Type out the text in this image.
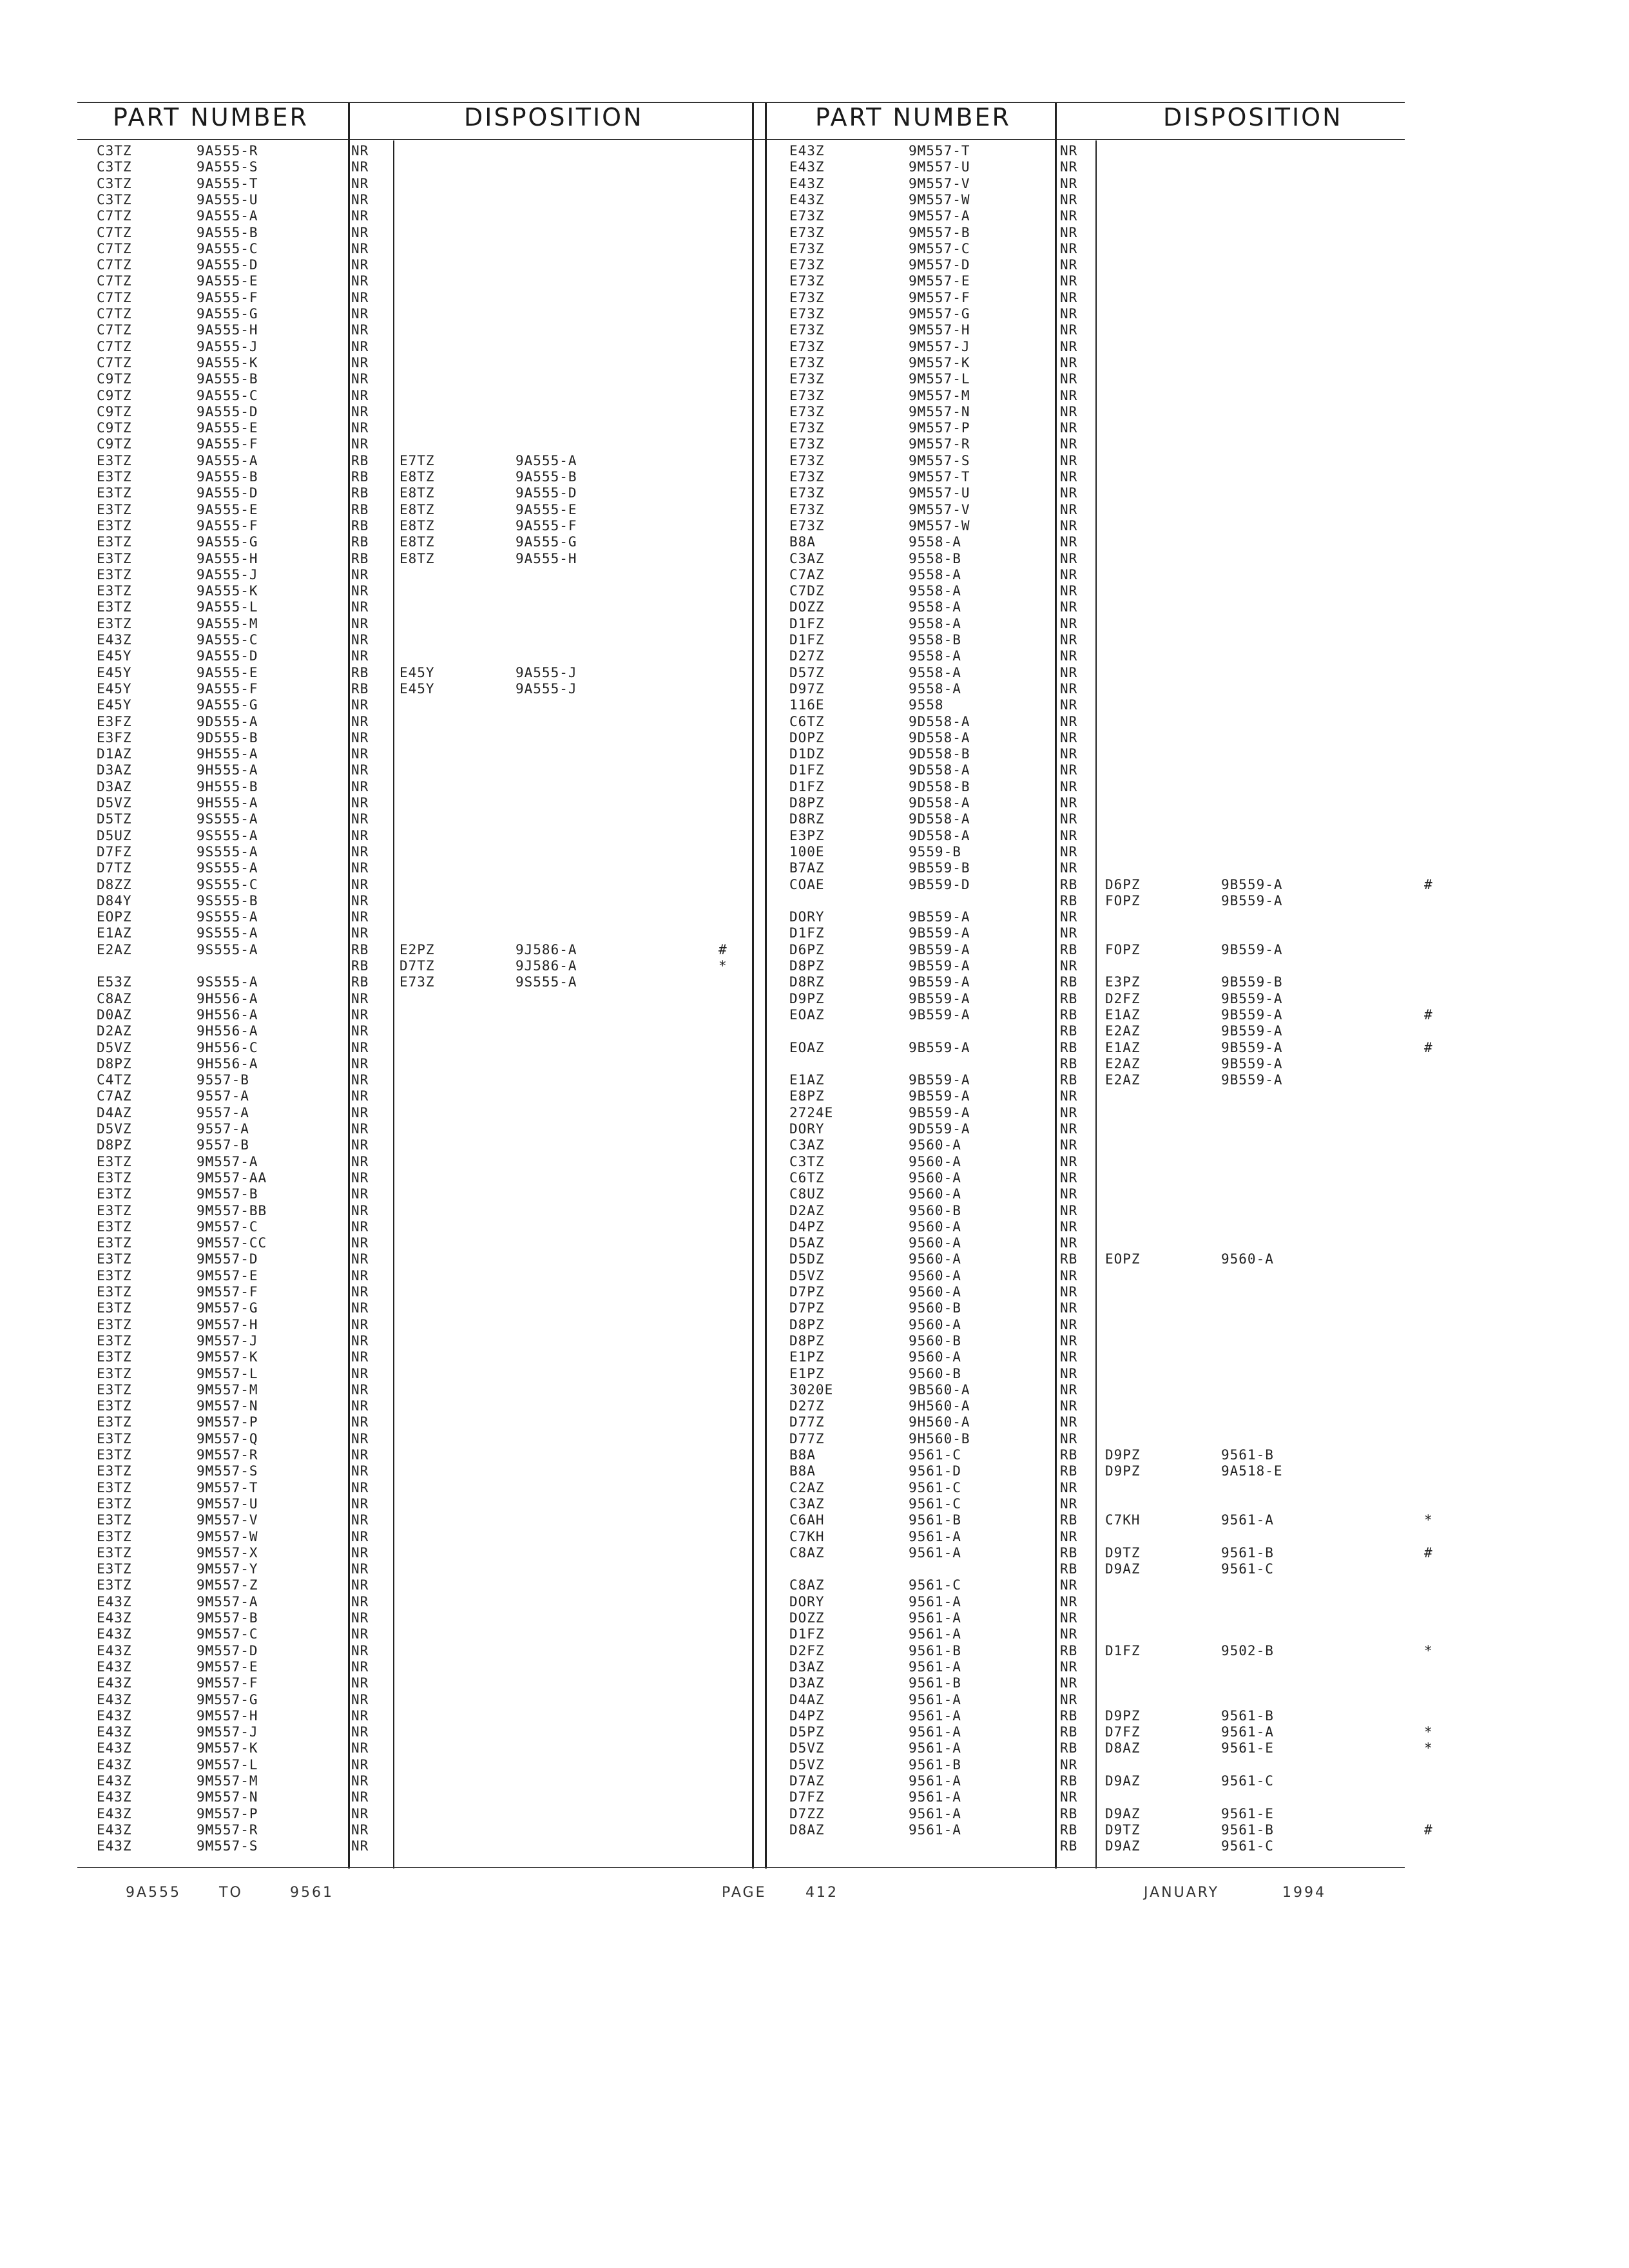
PART NUMBER	DISPOSITION	PART NUMBER	DISPOSITION
C3TZ	9A555-R	NR
C3TZ	9A555-S	NR
C3TZ	9A555-T	NR
C3TZ	9A555-U	NR
C7TZ	9A555-A	NR
C7TZ	9A555-B	NR
C7TZ	9A555-C	NR
C7TZ	9A555-D	NR
C7TZ	9A555-E	NR
C7TZ	9A555-F	NR
C7TZ	9A555-G	NR
C7TZ	9A555-H	NR
C7TZ	9A555-J	NR
C7TZ	9A555-K	NR
C9TZ	9A555-B	NR
C9TZ	9A555-C	NR
C9TZ	9A555-D	NR
C9TZ	9A555-E	NR
C9TZ	9A555-F	NR
E3TZ	9A555-A	RB E7TZ	9A555-A
E3TZ	9A555-B	RB E8TZ	9A555-B
E3TZ	9A555-D	RB E8TZ	9A555-D
E3TZ	9A555-E	RB E8TZ	9A555-E
E3TZ	9A555-F	RB E8TZ	9A555-F
E3TZ	9A555-G	RB E8TZ	9A555-G
E3TZ	9A555-H	RB E8TZ	9A555-H
E3TZ	9A555-J	NR
E3TZ	9A555-K	NR
E3TZ	9A555-L	NR
E3TZ	9A555-M	NR
E43Z	9A555-C	NR
E45Y	9A555-D	NR
E45Y	9A555-E	RB E45Y	9A555-J
E45Y	9A555-F	RB E45Y	9A555-J
E45Y	9A555-G	NR
E3FZ	9D555-A	NR
E3FZ	9D555-B	NR
D1AZ	9H555-A	NR
D3AZ	9H555-A	NR
D3AZ	9H555-B	NR
D5VZ	9H555-A	NR
D5TZ	9S555-A	NR
D5UZ	9S555-A	NR
D7FZ	9S555-A	NR
D7TZ	9S555-A	NR
D8ZZ	9S555-C	NR
D84Y	9S555-B	NR
EOPZ	9S555-A	NR
E1AZ	9S555-A	NR
E2AZ	9S555-A	RB E2PZ	9J586-A	#
RB D7TZ	9J586-A	*
E53Z	9S555-A	RB E73Z	9S555-A
C8AZ	9H556-A	NR
D0AZ	9H556-A	NR
D2AZ	9H556-A	NR
D5VZ	9H556-C	NR
D8PZ	9H556-A	NR
C4TZ	9557-B	NR
C7AZ	9557-A	NR
D4AZ	9557-A	NR
D5VZ	9557-A	NR
D8PZ	9557-B	NR
E3TZ	9M557-A	NR
E3TZ	9M557-AA	NR
E3TZ	9M557-B	NR
E3TZ	9M557-BB	NR
E3TZ	9M557-C	NR
E3TZ	9M557-CC	NR
E3TZ	9M557-D	NR
E3TZ	9M557-E	NR
E3TZ	9M557-F	NR
E3TZ	9M557-G	NR
E3TZ	9M557-H	NR
E3TZ	9M557-J	NR
E3TZ	9M557-K	NR
E3TZ	9M557-L	NR
E3TZ	9M557-M	NR
E3TZ	9M557-N	NR
E3TZ	9M557-P	NR
E3TZ	9M557-Q	NR
E3TZ	9M557-R	NR
E3TZ	9M557-S	NR
E3TZ	9M557-T	NR
E3TZ	9M557-U	NR
E3TZ	9M557-V	NR
E3TZ	9M557-W	NR
E3TZ	9M557-X	NR
E3TZ	9M557-Y	NR
E3TZ	9M557-Z	NR
E43Z	9M557-A	NR
E43Z	9M557-B	NR
E43Z	9M557-C	NR
E43Z	9M557-D	NR
E43Z	9M557-E	NR
E43Z	9M557-F	NR
E43Z	9M557-G	NR
E43Z	9M557-H	NR
E43Z	9M557-J	NR
E43Z	9M557-K	NR
E43Z	9M557-L	NR
E43Z	9M557-M	NR
E43Z	9M557-N	NR
E43Z	9M557-P	NR
E43Z	9M557-R	NR
E43Z	9M557-S	NR
E43Z	9M557-T	NR
E43Z	9M557-U	NR
E43Z	9M557-V	NR
E43Z	9M557-W	NR
E73Z	9M557-A	NR
E73Z	9M557-B	NR
E73Z	9M557-C	NR
E73Z	9M557-D	NR
E73Z	9M557-E	NR
E73Z	9M557-F	NR
E73Z	9M557-G	NR
E73Z	9M557-H	NR
E73Z	9M557-J	NR
E73Z	9M557-K	NR
E73Z	9M557-L	NR
E73Z	9M557-M	NR
E73Z	9M557-N	NR
E73Z	9M557-P	NR
E73Z	9M557-R	NR
E73Z	9M557-S	NR
E73Z	9M557-T	NR
E73Z	9M557-U	NR
E73Z	9M557-V	NR
E73Z	9M557-W	NR
B8A	9558-A	NR
C3AZ	9558-B	NR
C7AZ	9558-A	NR
C7DZ	9558-A	NR
DOZZ	9558-A	NR
D1FZ	9558-A	NR
D1FZ	9558-B	NR
D27Z	9558-A	NR
D57Z	9558-A	NR
D97Z	9558-A	NR
116E	9558	NR
C6TZ	9D558-A	NR
DOPZ	9D558-A	NR
D1DZ	9D558-B	NR
D1FZ	9D558-A	NR
D1FZ	9D558-B	NR
D8PZ	9D558-A	NR
D8RZ	9D558-A	NR
E3PZ	9D558-A	NR
100E	9559-B	NR
B7AZ	9B559-B	NR
COAE	9B559-D	RB D6PZ	9B559-A	#
RB FOPZ	9B559-A
DORY	9B559-A	NR
D1FZ	9B559-A	NR
D6PZ	9B559-A	RB FOPZ	9B559-A
D8PZ	9B559-A	NR
D8RZ	9B559-A	RB E3PZ	9B559-B
D9PZ	9B559-A	RB D2FZ	9B559-A
EOAZ	9B559-A	RB E1AZ	9B559-A	#
RB E2AZ	9B559-A
EOAZ	9B559-A	RB E1AZ	9B559-A	#
RB E2AZ	9B559-A
E1AZ	9B559-A	RB E2AZ	9B559-A
E8PZ	9B559-A	NR
2724E	9B559-A	NR
DORY	9D559-A	NR
C3AZ	9560-A	NR
C3TZ	9560-A	NR
C6TZ	9560-A	NR
C8UZ	9560-A	NR
D2AZ	9560-B	NR
D4PZ	9560-A	NR
D5AZ	9560-A	NR
D5DZ	9560-A	RB EOPZ	9560-A
D5VZ	9560-A	NR
D7PZ	9560-A	NR
D7PZ	9560-B	NR
D8PZ	9560-A	NR
D8PZ	9560-B	NR
E1PZ	9560-A	NR
E1PZ	9560-B	NR
3020E	9B560-A	NR
D27Z	9H560-A	NR
D77Z	9H560-A	NR
D77Z	9H560-B	NR
B8A	9561-C	RB D9PZ	9561-B
B8A	9561-D	RB D9PZ	9A518-E
C2AZ	9561-C	NR
C3AZ	9561-C	NR
C6AH	9561-B	RB C7KH	9561-A	*
C7KH	9561-A	NR
C8AZ	9561-A	RB D9TZ	9561-B	#
RB D9AZ	9561-C
C8AZ	9561-C	NR
DORY	9561-A	NR
DOZZ	9561-A	NR
D1FZ	9561-A	NR
D2FZ	9561-B	RB D1FZ	9502-B	*
D3AZ	9561-A	NR
D3AZ	9561-B	NR
D4AZ	9561-A	NR
D4PZ	9561-A	RB D9PZ	9561-B
D5PZ	9561-A	RB D7FZ	9561-A	*
D5VZ	9561-A	RB D8AZ	9561-E	*
D5VZ	9561-B	NR
D7AZ	9561-A	RB D9AZ	9561-C
D7FZ	9561-A	NR
D7ZZ	9561-A	RB D9AZ	9561-E
D8AZ	9561-A	RB D9TZ	9561-B	#
RB D9AZ	9561-C
9A555	TO	9561	PAGE	412	JANUARY	1994
